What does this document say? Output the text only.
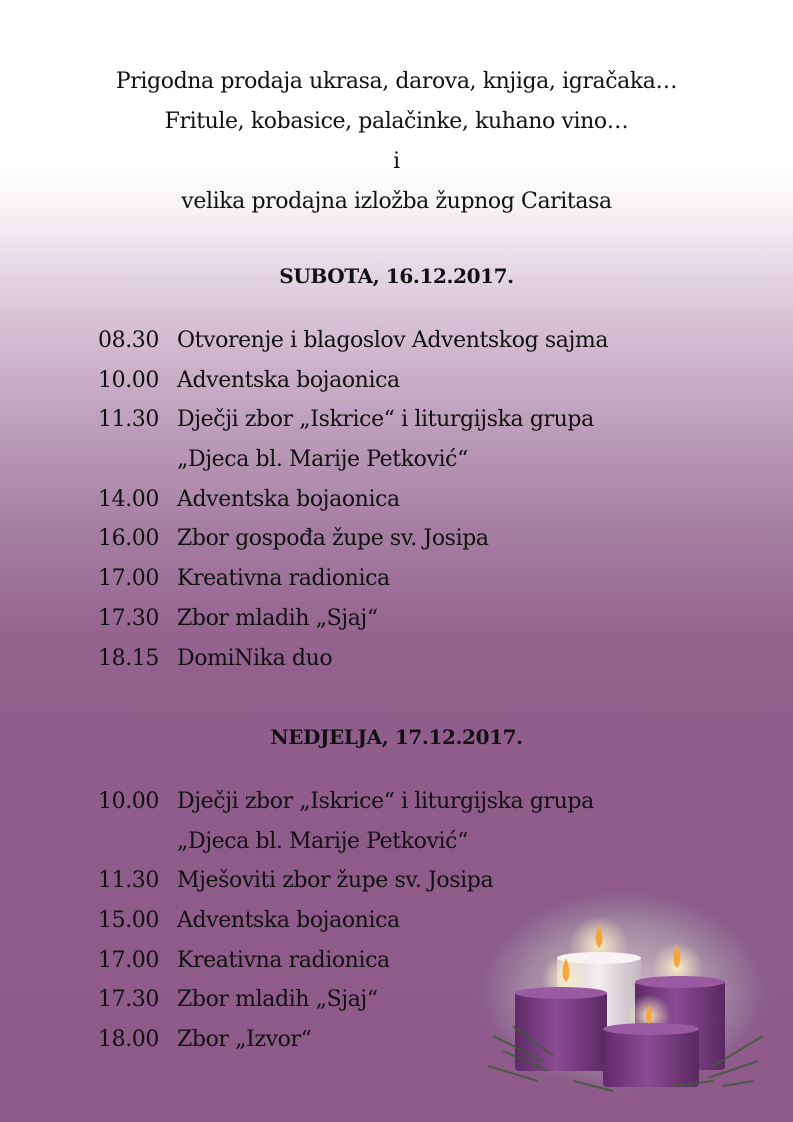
Prigodna prodaja ukrasa, darova, knjiga, igračaka…
Fritule, kobasice, palačinke, kuhano vino…
i
velika prodajna izložba župnog Caritasa
SUBOTA, 16.12.2017.
08.30 Otvorenje i blagoslov Adventskog sajma
10.00 Adventska bojaonica
11.30 Dječji zbor „Iskrice“ i liturgijska grupa
„Djeca bl. Marije Petković“
14.00 Adventska bojaonica
16.00 Zbor gospođa župe sv. Josipa
17.00 Kreativna radionica
17.30 Zbor mladih „Sjaj“
18.15 DomiNika duo
NEDJELJA, 17.12.2017.
10.00 Dječji zbor „Iskrice“ i liturgijska grupa
„Djeca bl. Marije Petković“
11.30 Mješoviti zbor župe sv. Josipa
15.00 Adventska bojaonica
17.00 Kreativna radionica
17.30 Zbor mladih „Sjaj“
18.00 Zbor „Izvor“
